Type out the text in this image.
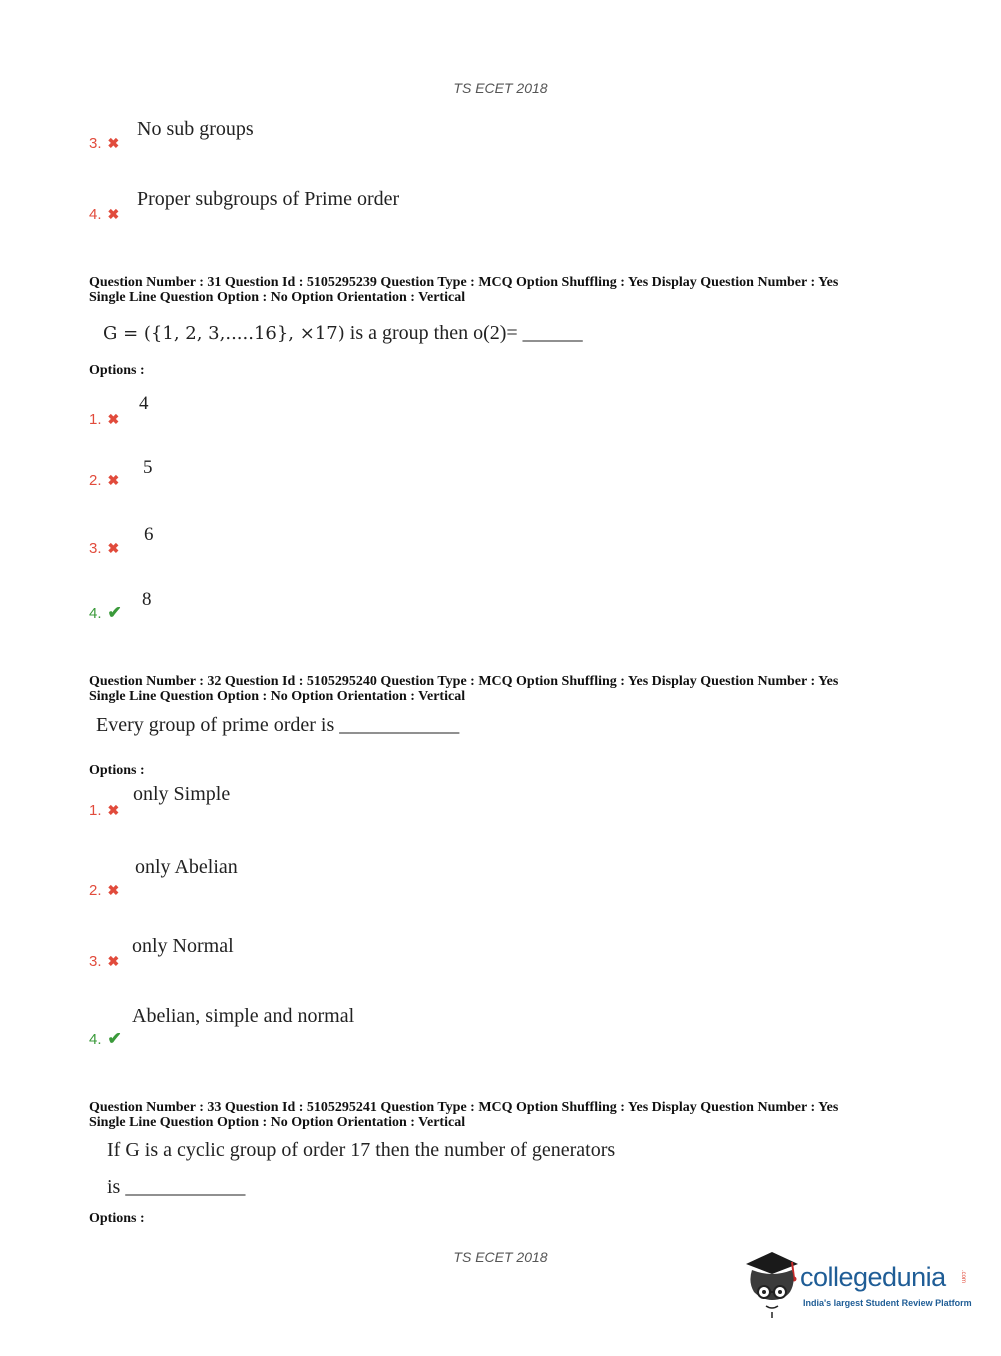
TS ECET 2018
No sub groups
3. ✖
Proper subgroups of Prime order
4. ✖
Question Number : 31 Question Id : 5105295239 Question Type : MCQ Option Shuffling : Yes Display Question Number : Yes
Single Line Question Option : No Option Orientation : Vertical
G = ({1, 2, 3,.....16}, ×17) is a group then o(2)= ______
Options :
4
1. ✖
5
2. ✖
6
3. ✖
8
4. ✔
Question Number : 32 Question Id : 5105295240 Question Type : MCQ Option Shuffling : Yes Display Question Number : Yes
Single Line Question Option : No Option Orientation : Vertical
Every group of prime order is ____________
Options :
only Simple
1. ✖
only Abelian
2. ✖
only Normal
3. ✖
Abelian, simple and normal
4. ✔
Question Number : 33 Question Id : 5105295241 Question Type : MCQ Option Shuffling : Yes Display Question Number : Yes
Single Line Question Option : No Option Orientation : Vertical
If G is a cyclic group of order 17 then the number of generators
is ____________
Options :
TS ECET 2018
collegedunia .com
India's largest Student Review Platform
